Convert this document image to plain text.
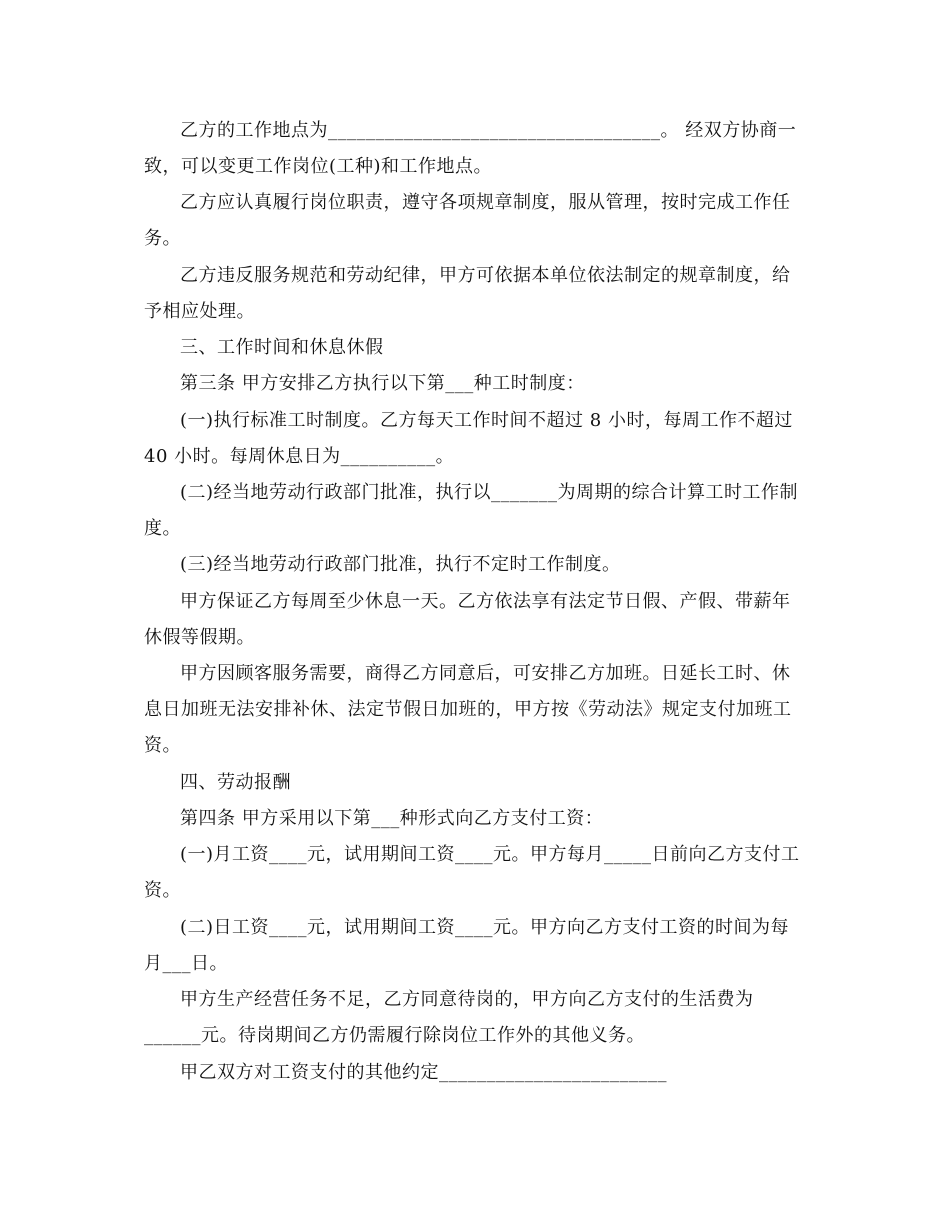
乙方的工作地点为___________________________________。 经双方协商一
致，可以变更工作岗位(工种)和工作地点。
乙方应认真履行岗位职责，遵守各项规章制度，服从管理，按时完成工作任
务。
乙方违反服务规范和劳动纪律，甲方可依据本单位依法制定的规章制度，给
予相应处理。
三、工作时间和休息休假
第三条 甲方安排乙方执行以下第___种工时制度：
(一)执行标准工时制度。乙方每天工作时间不超过 8 小时，每周工作不超过
40 小时。每周休息日为__________。
(二)经当地劳动行政部门批准，执行以_______为周期的综合计算工时工作制
度。
(三)经当地劳动行政部门批准，执行不定时工作制度。
甲方保证乙方每周至少休息一天。乙方依法享有法定节日假、产假、带薪年
休假等假期。
甲方因顾客服务需要，商得乙方同意后，可安排乙方加班。日延长工时、休
息日加班无法安排补休、法定节假日加班的，甲方按《劳动法》规定支付加班工
资。
四、劳动报酬
第四条 甲方采用以下第___种形式向乙方支付工资：
(一)月工资____元，试用期间工资____元。甲方每月_____日前向乙方支付工
资。
(二)日工资____元，试用期间工资____元。甲方向乙方支付工资的时间为每
月___日。
甲方生产经营任务不足，乙方同意待岗的，甲方向乙方支付的生活费为
______元。待岗期间乙方仍需履行除岗位工作外的其他义务。
甲乙双方对工资支付的其他约定________________________
